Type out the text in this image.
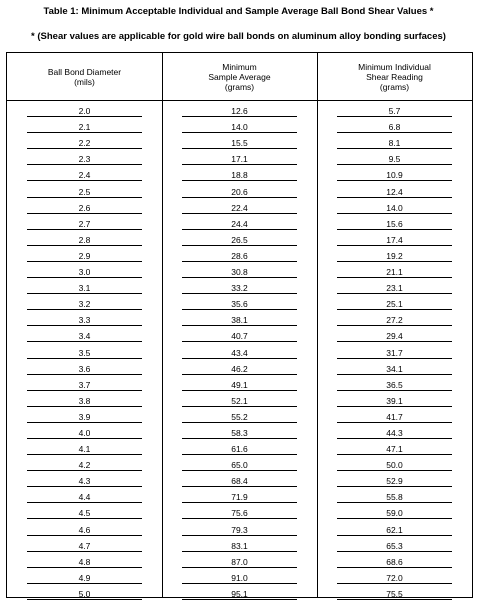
Table 1: Minimum Acceptable Individual and Sample Average Ball Bond Shear Values *
* (Shear values are applicable for gold wire ball bonds on aluminum alloy bonding surfaces)
Ball Bond Diameter
(mils)
Minimum
Sample Average
(grams)
Minimum Individual
Shear Reading
(grams)
2.0	12.6	5.7
2.1	14.0	6.8
2.2	15.5	8.1
2.3	17.1	9.5
2.4	18.8	10.9
2.5	20.6	12.4
2.6	22.4	14.0
2.7	24.4	15.6
2.8	26.5	17.4
2.9	28.6	19.2
3.0	30.8	21.1
3.1	33.2	23.1
3.2	35.6	25.1
3.3	38.1	27.2
3.4	40.7	29.4
3.5	43.4	31.7
3.6	46.2	34.1
3.7	49.1	36.5
3.8	52.1	39.1
3.9	55.2	41.7
4.0	58.3	44.3
4.1	61.6	47.1
4.2	65.0	50.0
4.3	68.4	52.9
4.4	71.9	55.8
4.5	75.6	59.0
4.6	79.3	62.1
4.7	83.1	65.3
4.8	87.0	68.6
4.9	91.0	72.0
5.0	95.1	75.5
